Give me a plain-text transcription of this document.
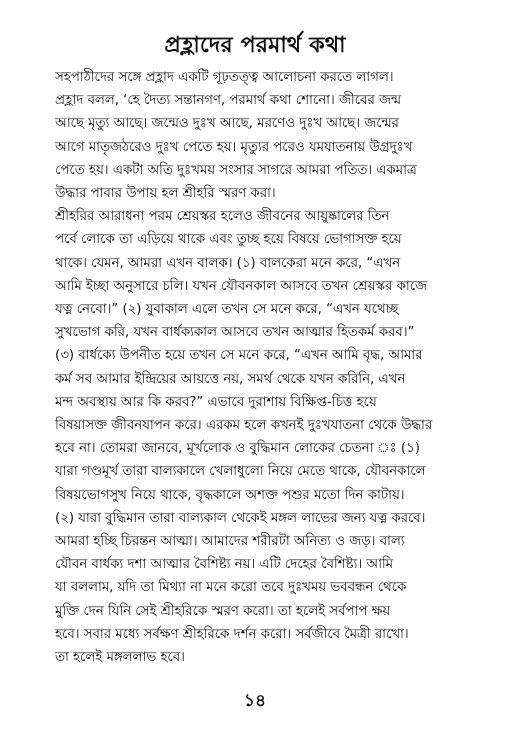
প্রহ্লাদের পরমার্থ কথা
সহপাঠীদের সঙ্গে প্রহ্লাদ একটি গূঢ়তত্ত্ব আলোচনা করতে লাগল।
প্রহ্লাদ বলল, ‘হে দৈত্য সন্তানগণ, পরমার্থ কথা শোনো। জীবের জন্ম
আছে মৃত্যু আছে। জন্মেও দুঃখ আছে, মরণেও দুঃখ আছে। জন্মের
আগে মাতৃজঠরেও দুঃখ পেতে হয়। মৃত্যুর পরেও যমযাতনায় উগ্রদুঃখ
পেতে হয়। একটা অতি দুঃখময় সংসার সাগরে আমরা পতিত। একমাত্র
উদ্ধার পাবার উপায় হল শ্রীহরি স্মরণ করা।
শ্রীহরির আরাধনা পরম শ্রেয়স্কর হলেও জীবনের আয়ুষ্কালের তিন
পর্বে লোকে তা এড়িয়ে থাকে এবং তুচ্ছ হয়ে বিষয়ে ভোগাসক্ত হয়ে
থাকে। যেমন, আমরা এখন বালক। (১) বালকেরা মনে করে, “এখন
আমি ইচ্ছা অনুসারে চলি। যখন যৌবনকাল আসবে তখন শ্রেয়স্কর কাজে
যত্ন নেবো।” (২) যুবাকাল এলে তখন সে মনে করে, “এখন যথেচ্ছ
সুখভোগ করি, যখন বার্ধক্যকাল আসবে তখন আত্মার হিতকর্ম করব।”
(৩) বার্ধক্যে উপনীত হয়ে তখন সে মনে করে, “এখন আমি বৃদ্ধ, আমার
কর্ম সব আমার ইন্দ্রিয়ের আয়ত্তে নয়, সমর্থ থেকে যখন করিনি, এখন
মন্দ অবস্থায় আর কি করব?” এভাবে দুরাশায় বিক্ষিপ্ত-চিত্ত হয়ে
বিষয়াসক্ত জীবনযাপন করে। এরকম হলে কখনই দুঃখযাতনা থেকে উদ্ধার
হবে না। তোমরা জানবে, মূর্খলোক ও বুদ্ধিমান লোকের চেতনা ঃ (১)
যারা গণ্ডমূর্খ তারা বাল্যকালে খেলাধুলো নিয়ে মেতে থাকে, যৌবনকালে
বিষয়ভোগসুখ নিয়ে থাকে, বৃদ্ধকালে অশক্ত পশুর মতো দিন কাটায়।
(২) যারা বুদ্ধিমান তারা বাল্যকাল থেকেই মঙ্গল লাভের জন্য যত্ন করবে।
আমরা হচ্ছি চিরন্তন আত্মা। আমাদের শরীরটা অনিত্য ও জড়। বাল্য
যৌবন বার্ধক্য দশা আত্মার বৈশিষ্ট্য নয়। এটি দেহের বৈশিষ্ট্য। আমি
যা বললাম, যদি তা মিথ্যা না মনে করো তবে দুঃখময় ভববন্ধন থেকে
মুক্তি দেন যিনি সেই শ্রীহরিকে স্মরণ করো। তা হলেই সর্বপাপ ক্ষয়
হবে। সবার মধ্যে সর্বক্ষণ শ্রীহরিকে দর্শন করো। সর্বজীবে মৈত্রী রাখো।
তা হলেই মঙ্গললাভ হবে।
১৪
